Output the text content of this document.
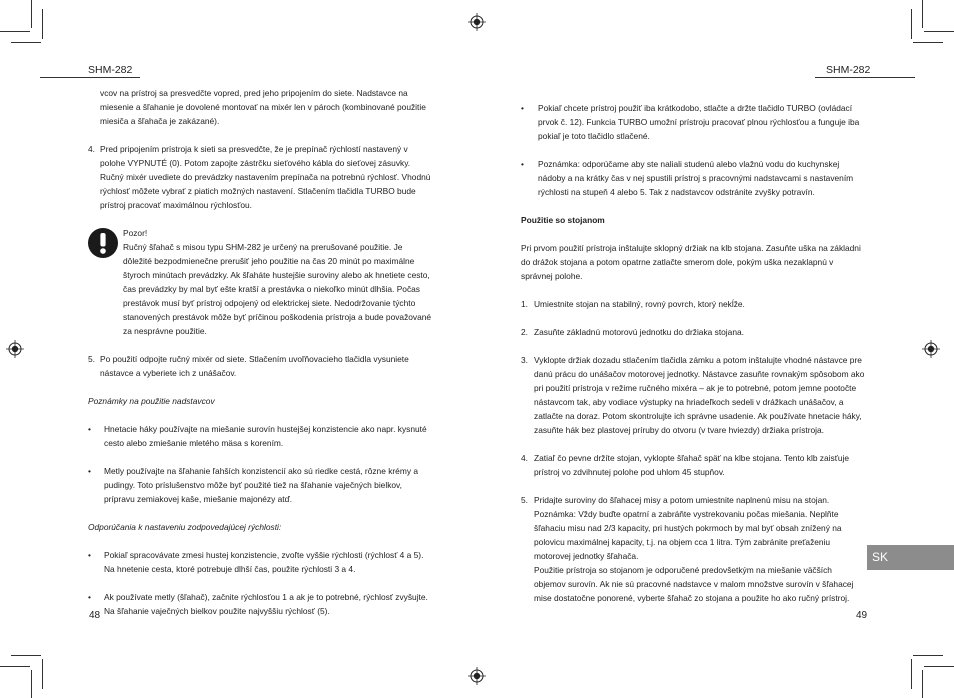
SHM-282	SHM-282
vcov na prístroj sa presvedčte vopred, pred jeho pripojením do siete. Nadstavce na miesenie a šľahanie je dovolené montovať na mixér len v pároch (kombinované použitie miesiča a šľahača je zakázané).
4. Pred pripojením prístroja k sieti sa presvedčte, že je prepínač rýchlostí nastavený v polohe VYPNUTÉ (0). Potom zapojte zástrčku sieťového kábla do sieťovej zásuvky. Ručný mixér uvediete do prevádzky nastavením prepínača na potrebnú rýchlosť. Vhodnú rýchlosť môžete vybrať z piatich možných nastavení. Stlačením tlačidla TURBO bude prístroj pracovať maximálnou rýchlosťou.
Pozor!
Ručný šľahač s misou typu SHM-282 je určený na prerušované použitie. Je dôležité bezpodmienečne prerušiť jeho použitie na čas 20 minút po maximálne štyroch minútach prevádzky. Ak šľaháte hustejšie suroviny alebo ak hnetiete cesto, čas prevádzky by mal byť ešte kratší a prestávka o niekoľko minút dlhšia. Počas prestávok musí byť prístroj odpojený od elektrickej siete. Nedodržovanie týchto stanovených prestávok môže byť príčinou poškodenia prístroja a bude považované za nesprávne použitie.
5. Po použití odpojte ručný mixér od siete. Stlačením uvoľňovacieho tlačidla vysuniete nástavce a vyberiete ich z unášačov.
Poznámky na použitie nadstavcov
•	Hnetacie háky používajte na miešanie surovín hustejšej konzistencie ako napr. kysnuté cesto alebo zmiešanie mletého mäsa s korením.
•	Metly používajte na šľahanie ľahších konzistencií ako sú riedke cestá, rôzne krémy a pudingy. Toto príslušenstvo môže byť použité tiež na šľahanie vaječných bielkov, prípravu zemiakovej kaše, miešanie majonézy atď.
Odporúčania k nastaveniu zodpovedajúcej rýchlosti:
•	Pokiaľ spracovávate zmesi hustej konzistencie, zvoľte vyššie rýchlosti (rýchlosť 4 a 5). Na hnetenie cesta, ktoré potrebuje dlhší čas, použite rýchlosti 3 a 4.
•	Ak používate metly (šľahač), začnite rýchlosťou 1 a ak je to potrebné, rýchlosť zvyšujte. Na šľahanie vaječných bielkov použite najvyššiu rýchlosť (5).
•	Pokiaľ chcete prístroj použiť iba krátkodobo, stlačte a držte tlačidlo TURBO (ovládací prvok č. 12). Funkcia TURBO umožní prístroju pracovať plnou rýchlosťou a funguje iba pokiaľ je toto tlačidlo stlačené.
•	Poznámka: odporúčame aby ste naliali studenú alebo vlažnú vodu do kuchynskej nádoby a na krátky čas v nej spustili prístroj s pracovnými nadstavcami s nastavením rýchlosti na stupeň 4 alebo 5. Tak z nadstavcov odstránite zvyšky potravín.
Použitie so stojanom
Pri prvom použití prístroja inštalujte sklopný držiak na klb stojana. Zasuňte uška na základni do drážok stojana a potom opatrne zatlačte smerom dole, pokým uška nezaklapnú v správnej polohe.
1. Umiestnite stojan na stabilný, rovný povrch, ktorý nekĺže.
2. Zasuňte základnú motorovú jednotku do držiaka stojana.
3. Vyklopte držiak dozadu stlačením tlačidla zámku a potom inštalujte vhodné nástavce pre danú prácu do unášačov motorovej jednotky. Nástavce zasuňte rovnakým spôsobom ako pri použití prístroja v režime ručného mixéra – ak je to potrebné, potom jemne pootočte nástavcom tak, aby vodiace výstupky na hriadeľkoch sedeli v drážkach unášačov, a zatlačte na doraz. Potom skontrolujte ich správne usadenie. Ak používate hnetacie háky, zasuňte hák bez plastovej príruby do otvoru (v tvare hviezdy) držiaka prístroja.
4. Zatiaľ čo pevne držíte stojan, vyklopte šľahač späť na klbe stojana. Tento klb zaisťuje prístroj vo zdvihnutej polohe pod uhlom 45 stupňov.
5. Pridajte suroviny do šľahacej misy a potom umiestnite naplnenú misu na stojan. Poznámka: Vždy buďte opatrní a zabráňte vystrekovaniu počas miešania. Neplňte šľahaciu misu nad 2/3 kapacity, pri hustých pokrmoch by mal byť obsah znížený na polovicu maximálnej kapacity, t.j. na objem cca 1 litra. Tým zabránite preťaženiu motorovej jednotky šľahača.
Použitie prístroja so stojanom je odporučené predovšetkým na miešanie väčších objemov surovín. Ak nie sú pracovné nadstavce v malom množstve surovín v šľahacej mise dostatočne ponorené, vyberte šľahač zo stojana a použite ho ako ručný prístroj.
SK
48	49
